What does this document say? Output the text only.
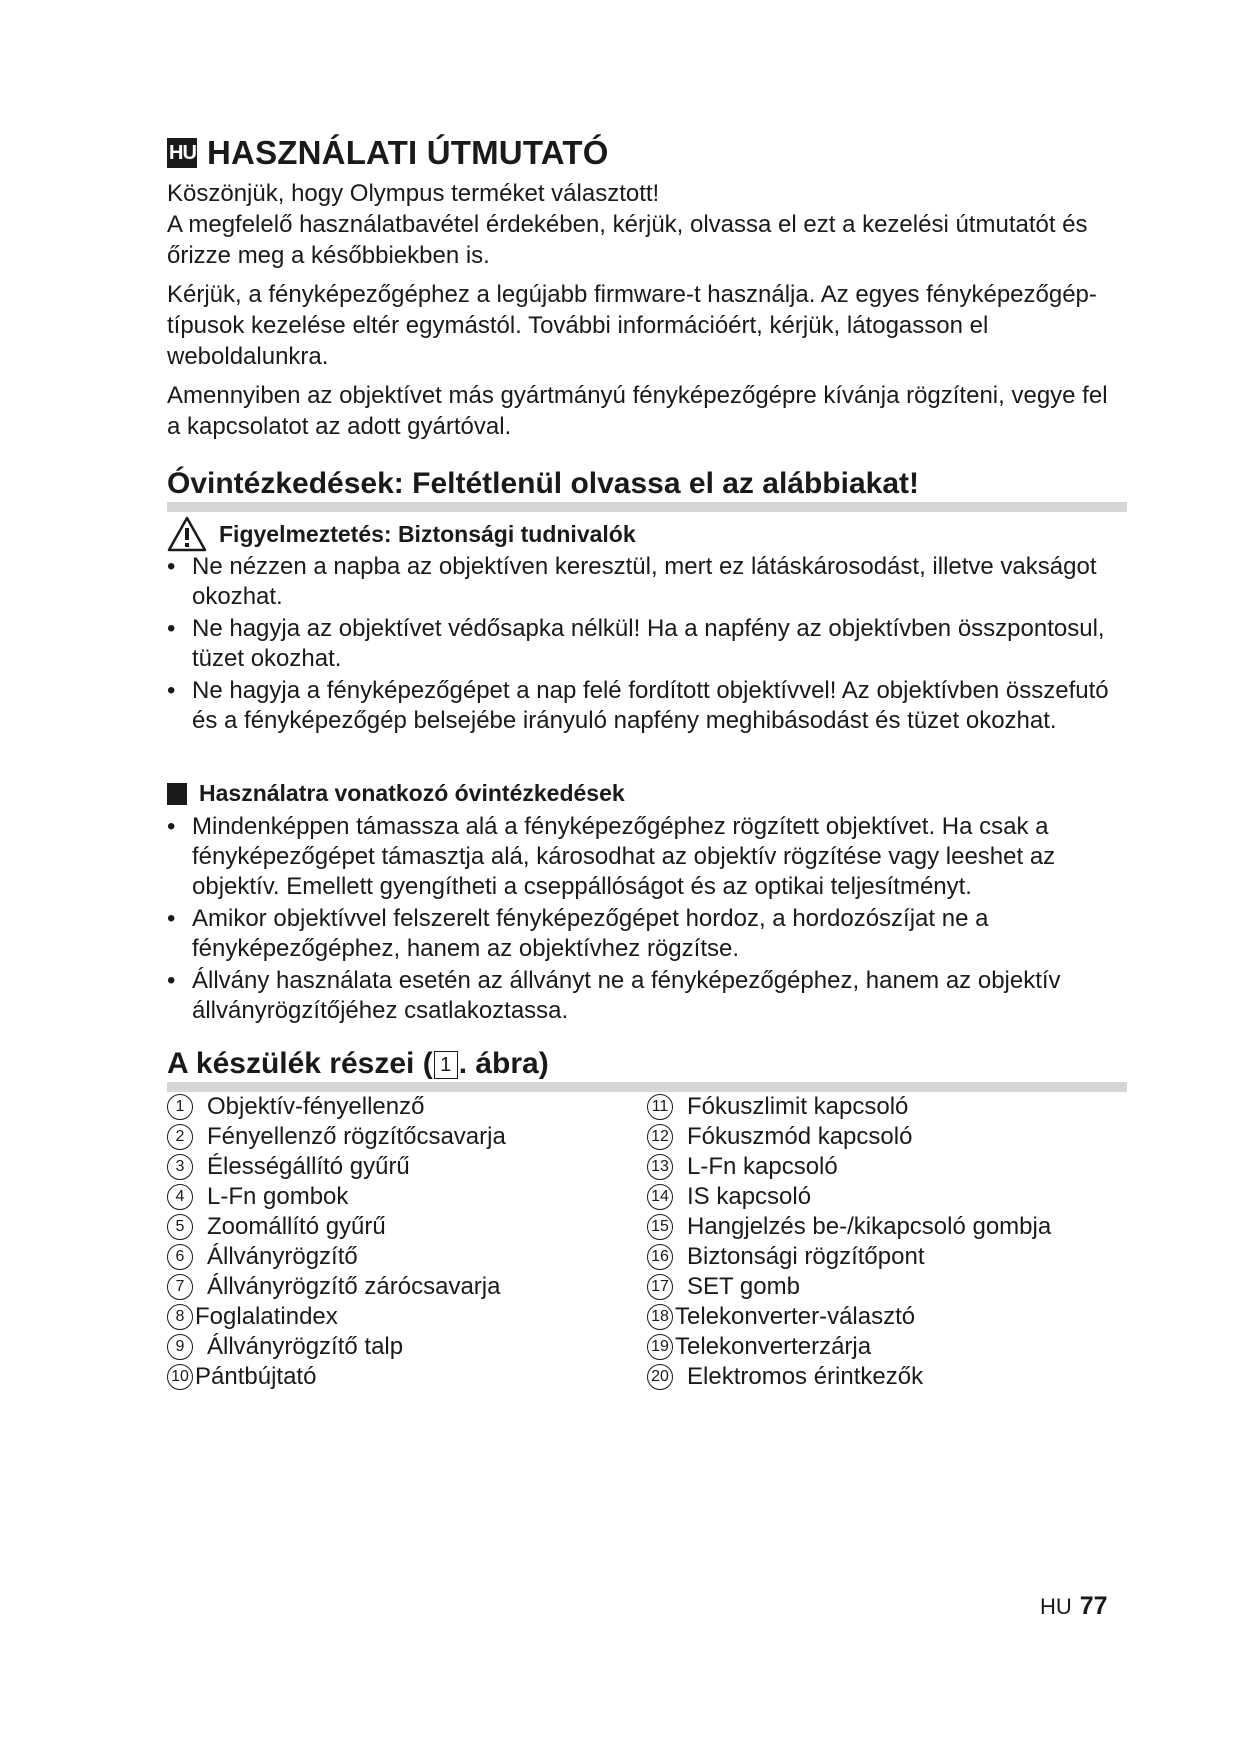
HU HASZNÁLATI ÚTMUTATÓ

Köszönjük, hogy Olympus terméket választott!

A megfelelő használatbavétel érdekében, kérjük, olvassa el ezt a kezelési útmutatót és őrizze meg a későbbiekben is.

Kérjük, a fényképezőgéphez a legújabb firmware-t használja. Az egyes fényképezőgép-típusok kezelése eltér egymástól. További információért, kérjük, látogasson el weboldalunkra.

Amennyiben az objektívet más gyártmányú fényképezőgépre kívánja rögzíteni, vegye fel a kapcsolatot az adott gyártóval.

Óvintézkedések: Feltétlenül olvassa el az alábbiakat!
Figyelmeztetés: Biztonsági tudnivalók
• Ne nézzen a napba az objektíven keresztül, mert ez látáskárosodást, illetve vakságot okozhat.
• Ne hagyja az objektívet védősapka nélkül! Ha a napfény az objektívben összpontosul, tüzet okozhat.
• Ne hagyja a fényképezőgépet a nap felé fordított objektívvel! Az objektívben összefutó és a fényképezőgép belsejébe irányuló napfény meghibásodást és tüzet okozhat.
Használatra vonatkozó óvintézkedések
• Mindenképpen támassza alá a fényképezőgéphez rögzített objektívet. Ha csak a fényképezőgépet támasztja alá, károsodhat az objektív rögzítése vagy leeshet az objektív. Emellett gyengítheti a cseppállóságot és az optikai teljesítményt.
• Amikor objektívvel felszerelt fényképezőgépet hordoz, a hordozószíjat ne a fényképezőgéphez, hanem az objektívhez rögzítse.
• Állvány használata esetén az állványt ne a fényképezőgéphez, hanem az objektív állványrögzítőjéhez csatlakoztassa.
A készülék részei ( 1 . ábra)
1 Objektív-fényellenző
2 Fényellenző rögzítőcsavarja
3 Élességállító gyűrű
4 L-Fn gombok
5 Zoomállító gyűrű
6 Állványrögzítő
7 Állványrögzítő zárócsavarja
8 Foglalatindex
9 Állványrögzítő talp
10 Pántbújtató
11 Fókuszlimit kapcsoló
12 Fókuszmód kapcsoló
13 L-Fn kapcsoló
14 IS kapcsoló
15 Hangjelzés be-/kikapcsoló gombja
16 Biztonsági rögzítőpont
17 SET gomb
18 Telekonverter-választó
19 Telekonverterzárja
20 Elektromos érintkezők
HU 77
